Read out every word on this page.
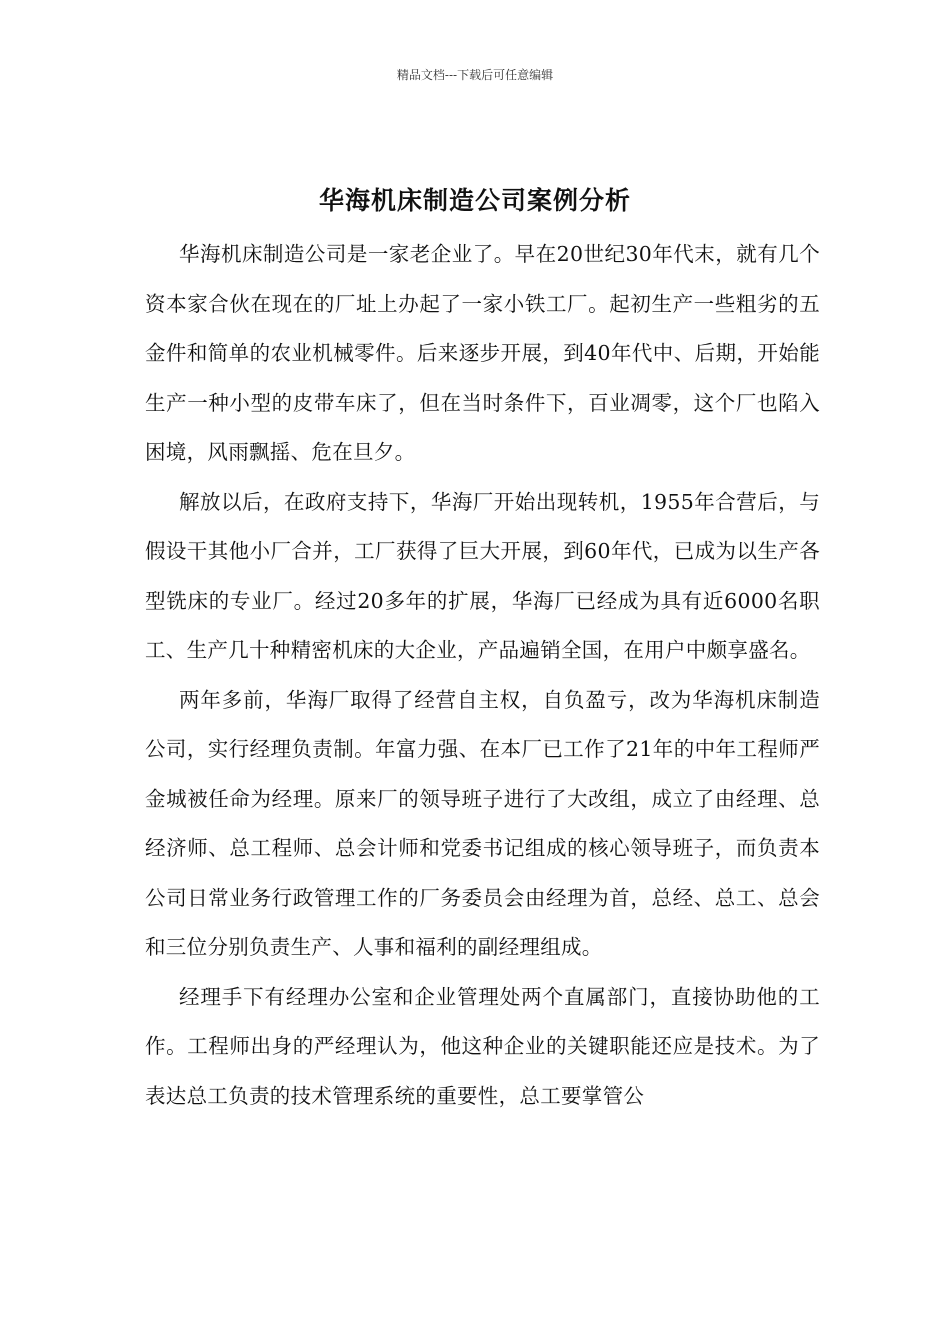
精品文档---下载后可任意编辑
华海机床制造公司案例分析

华海机床制造公司是一家老企业了。早在20世纪30年代末，就有几个资本家合伙在现在的厂址上办起了一家小铁工厂。起初生产一些粗劣的五金件和简单的农业机械零件。后来逐步开展，到40年代中、后期，开始能生产一种小型的皮带车床了，但在当时条件下，百业凋零，这个厂也陷入困境，风雨飘摇、危在旦夕。

解放以后，在政府支持下，华海厂开始出现转机，1955年合营后，与假设干其他小厂合并，工厂获得了巨大开展，到60年代，已成为以生产各型铣床的专业厂。经过20多年的扩展，华海厂已经成为具有近6000名职工、生产几十种精密机床的大企业，产品遍销全国，在用户中颇享盛名。

两年多前，华海厂取得了经营自主权，自负盈亏，改为华海机床制造公司，实行经理负责制。年富力强、在本厂已工作了21年的中年工程师严金城被任命为经理。原来厂的领导班子进行了大改组，成立了由经理、总经济师、总工程师、总会计师和党委书记组成的核心领导班子，而负责本公司日常业务行政管理工作的厂务委员会由经理为首，总经、总工、总会和三位分别负责生产、人事和福利的副经理组成。

经理手下有经理办公室和企业管理处两个直属部门，直接协助他的工作。工程师出身的严经理认为，他这种企业的关键职能还应是技术。为了表达总工负责的技术管理系统的重要性，总工要掌管公
